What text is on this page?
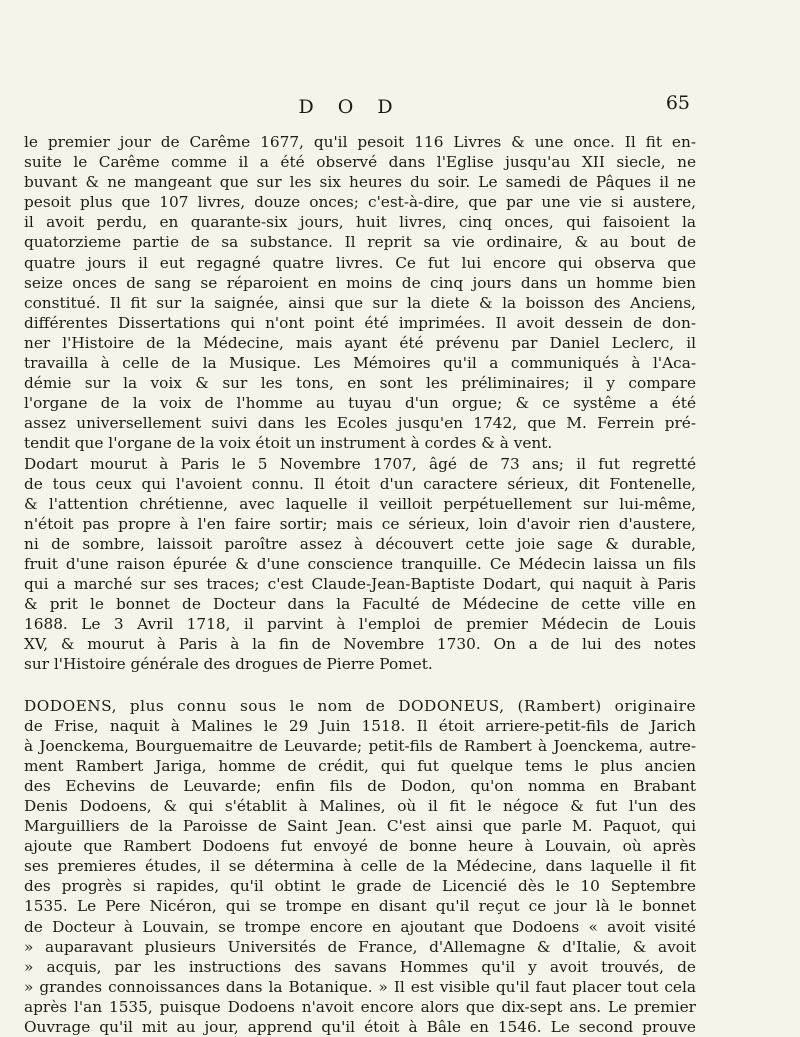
D O D	65

le premier jour de Carême 1677, qu'il pesoit 116 Livres & une once. Il fit en-
suite le Carême comme il a été observé dans l'Eglise jusqu'au XII siecle, ne
buvant & ne mangeant que sur les six heures du soir. Le samedi de Pâques il ne
pesoit plus que 107 livres, douze onces; c'est-à-dire, que par une vie si austere,
il avoit perdu, en quarante-six jours, huit livres, cinq onces, qui faisoient la
quatorzieme partie de sa substance. Il reprit sa vie ordinaire, & au bout de
quatre jours il eut regagné quatre livres. Ce fut lui encore qui observa que
seize onces de sang se réparoient en moins de cinq jours dans un homme bien
constitué. Il fit sur la saignée, ainsi que sur la diete & la boisson des Anciens,
différentes Dissertations qui n'ont point été imprimées. Il avoit dessein de don-
ner l'Histoire de la Médecine, mais ayant été prévenu par Daniel Leclerc, il
travailla à celle de la Musique. Les Mémoires qu'il a communiqués à l'Aca-
démie sur la voix & sur les tons, en sont les préliminaires; il y compare
l'organe de la voix de l'homme au tuyau d'un orgue; & ce systême a été
assez universellement suivi dans les Ecoles jusqu'en 1742, que M. Ferrein pré-
tendit que l'organe de la voix étoit un instrument à cordes & à vent.

Dodart mourut à Paris le 5 Novembre 1707, âgé de 73 ans; il fut regretté
de tous ceux qui l'avoient connu. Il étoit d'un caractere sérieux, dit Fontenelle,
& l'attention chrétienne, avec laquelle il veilloit perpétuellement sur lui-même,
n'étoit pas propre à l'en faire sortir; mais ce sérieux, loin d'avoir rien d'austere,
ni de sombre, laissoit paroître assez à découvert cette joie sage & durable,
fruit d'une raison épurée & d'une conscience tranquille. Ce Médecin laissa un fils
qui a marché sur ses traces; c'est Claude-Jean-Baptiste Dodart, qui naquit à Paris
& prit le bonnet de Docteur dans la Faculté de Médecine de cette ville en
1688. Le 3 Avril 1718, il parvint à l'emploi de premier Médecin de Louis
XV, & mourut à Paris à la fin de Novembre 1730. On a de lui des notes
sur l'Histoire générale des drogues de Pierre Pomet.

DODOENS, plus connu sous le nom de DODONEUS, (Rambert) originaire
de Frise, naquit à Malines le 29 Juin 1518. Il étoit arriere-petit-fils de Jarich
à Joenckema, Bourguemaitre de Leuvarde; petit-fils de Rambert à Joenckema, autre-
ment Rambert Jariga, homme de crédit, qui fut quelque tems le plus ancien
des Echevins de Leuvarde; enfin fils de Dodon, qu'on nomma en Brabant
Denis Dodoens, & qui s'établit à Malines, où il fit le négoce & fut l'un des
Marguilliers de la Paroisse de Saint Jean. C'est ainsi que parle M. Paquot, qui
ajoute que Rambert Dodoens fut envoyé de bonne heure à Louvain, où après
ses premieres études, il se détermina à celle de la Médecine, dans laquelle il fit
des progrès si rapides, qu'il obtint le grade de Licencié dès le 10 Septembre
1535. Le Pere Nicéron, qui se trompe en disant qu'il reçut ce jour là le bonnet
de Docteur à Louvain, se trompe encore en ajoutant que Dodoens « avoit visité
» auparavant plusieurs Universités de France, d'Allemagne & d'Italie, & avoit
» acquis, par les instructions des savans Hommes qu'il y avoit trouvés, de
» grandes connoissances dans la Botanique. » Il est visible qu'il faut placer tout cela
après l'an 1535, puisque Dodoens n'avoit encore alors que dix-sept ans. Le premier
Ouvrage qu'il mit au jour, apprend qu'il étoit à Bâle en 1546. Le second prouve
